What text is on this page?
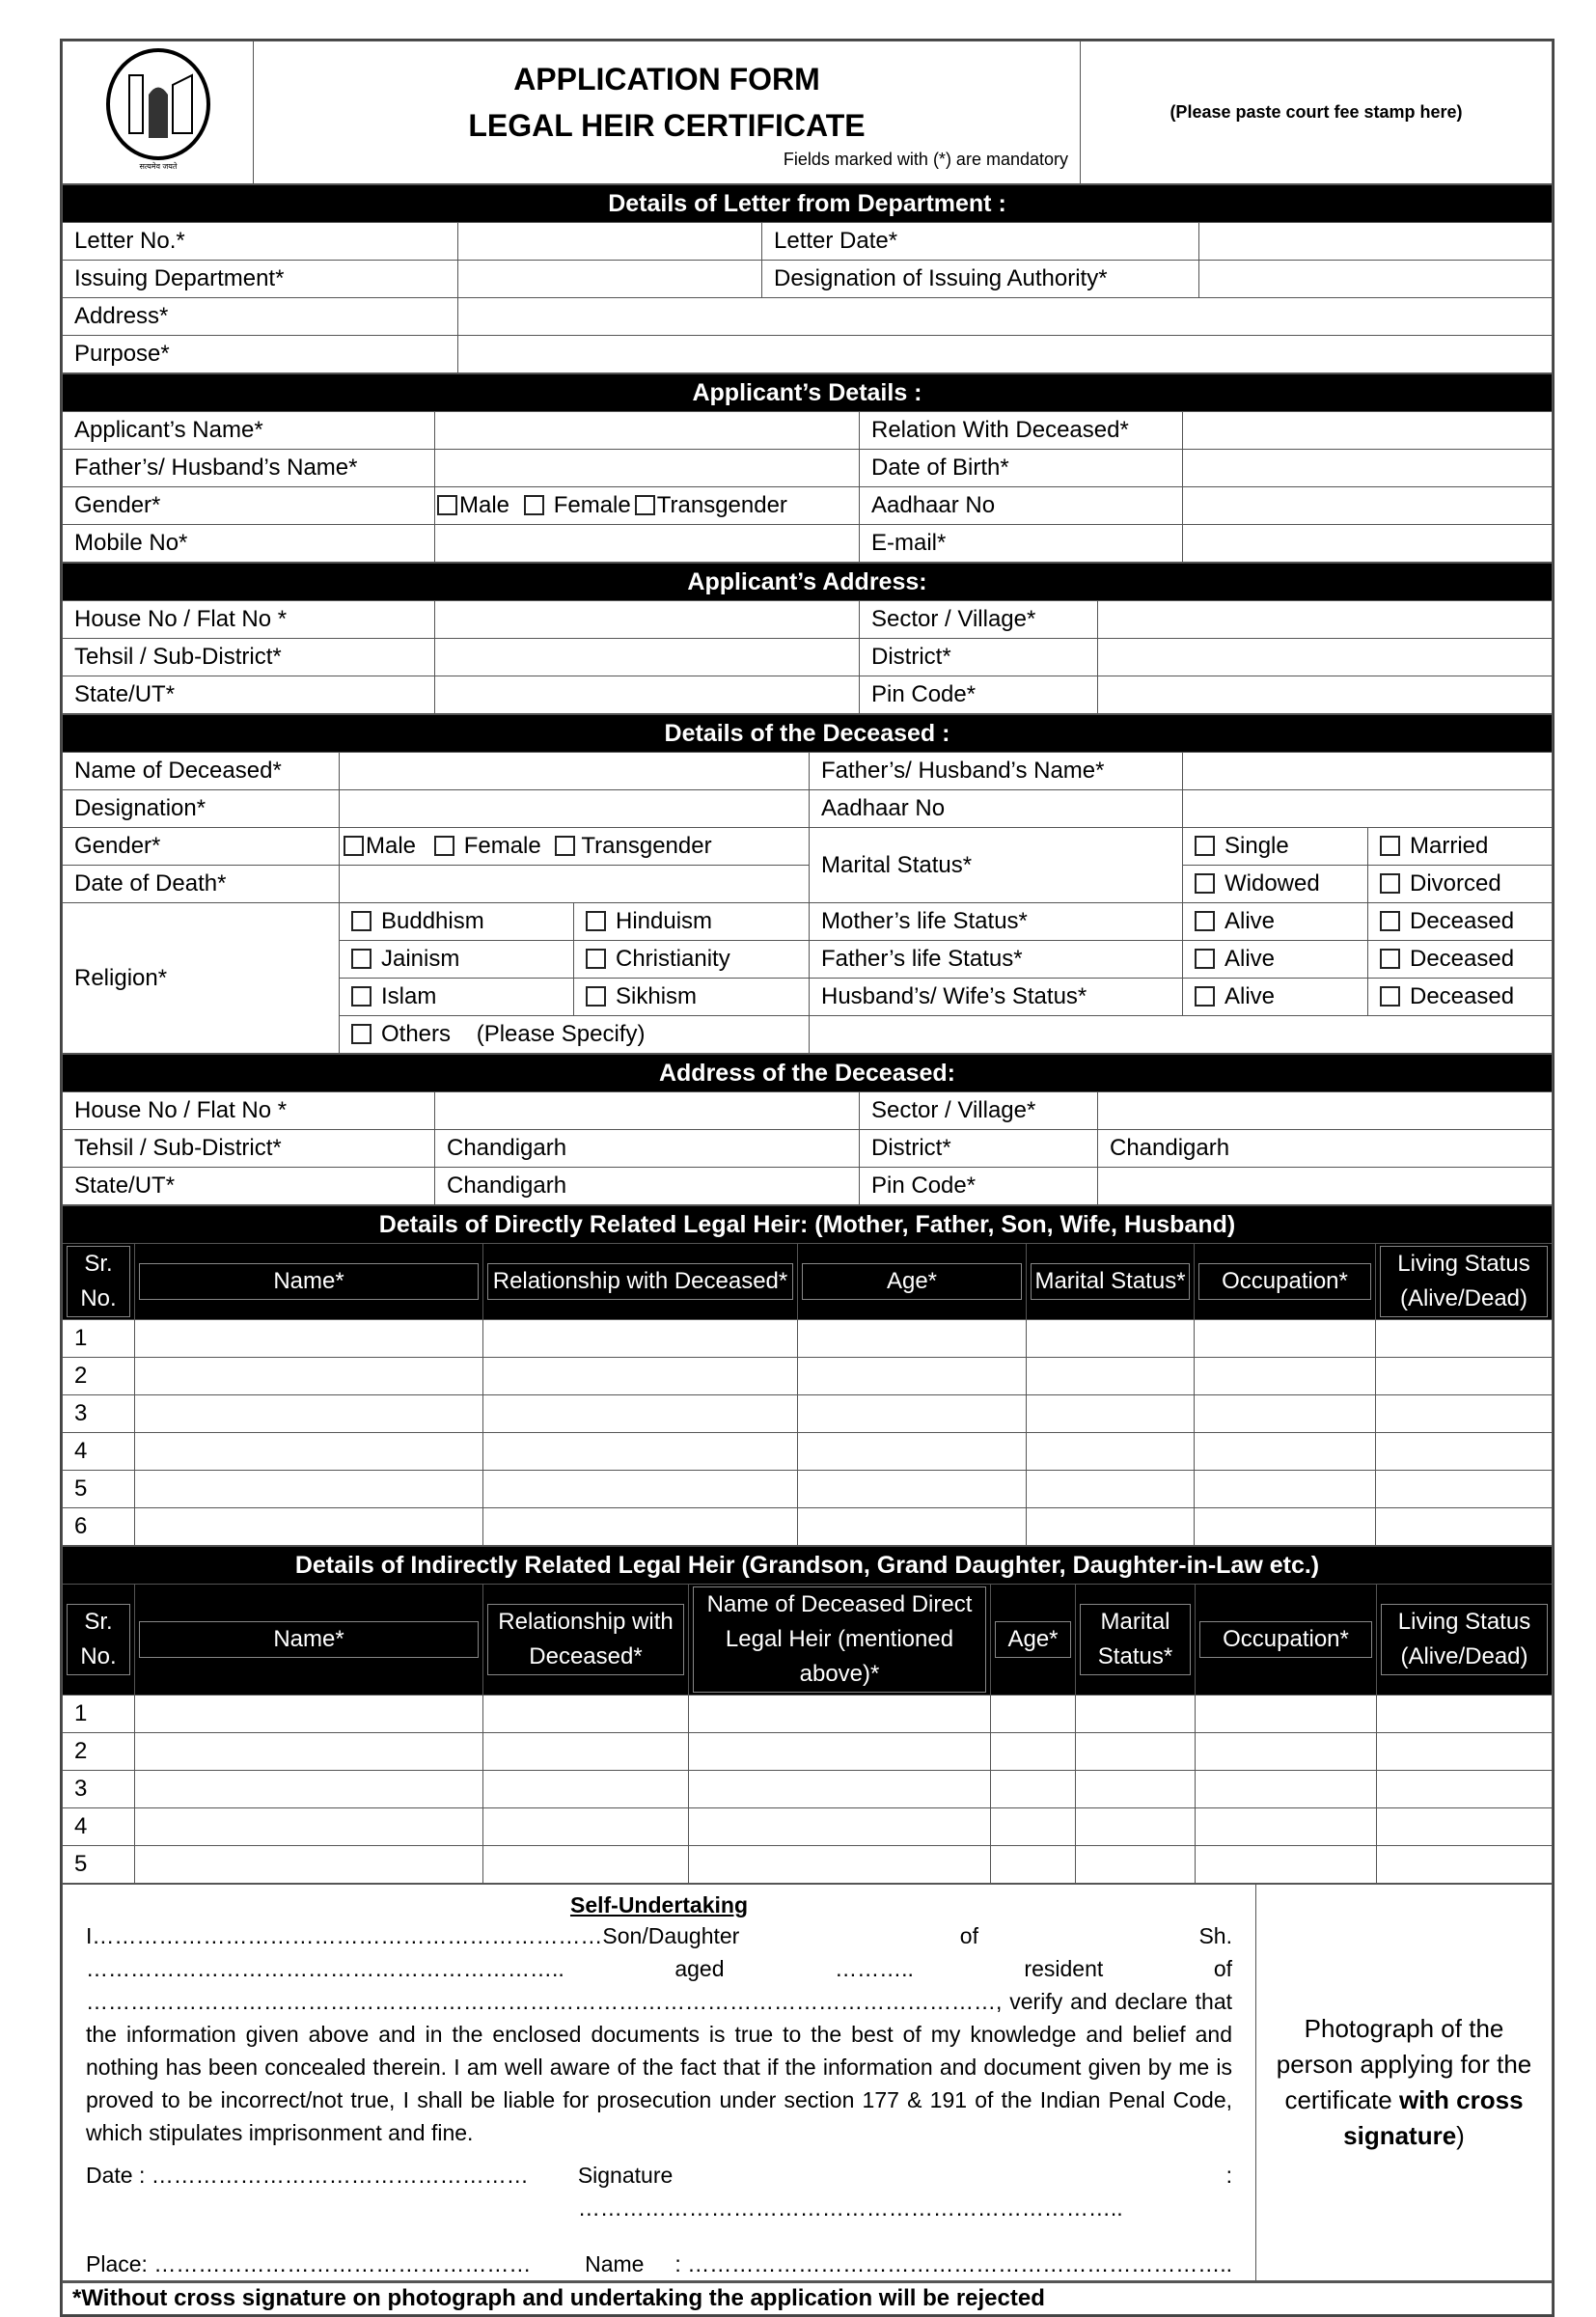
सत्यमेव जयते

APPLICATION FORM
LEGAL HEIR CERTIFICATE
Fields marked with (*) are mandatory
	(Please paste court fee stamp here)
Details of Letter from Department :			
Letter No.*		Letter Date*	
Issuing Department*		Designation of Issuing Authority*	
Address*			
Purpose*			
Applicant’s Details :			
Applicant’s Name*		Relation With Deceased*	
Father’s/ Husband’s Name*		Date of Birth*	
Gender*	Male Female Transgender	Aadhaar No	
Mobile No*		E-mail*	
Applicant’s Address:			
House No / Flat No *		Sector / Village*	
Tehsil / Sub-District*		District*	
State/UT*		Pin Code*	
Details of the Deceased :					
Name of Deceased*			Father’s/ Husband’s Name*		
Designation*			Aadhaar No		
Gender*	Male Female Transgender		Marital Status*	Single	Married
Date of Death*				Widowed	Divorced
Religion*	Buddhism	Hinduism	Mother’s life Status*	Alive	Deceased
	Jainism	Christianity	Father’s life Status*	Alive	Deceased
	Islam	Sikhism	Husband’s/ Wife’s Status*	Alive	Deceased
	Others (Please Specify)				
Address of the Deceased:			
House No / Flat No *		Sector / Village*	
Tehsil / Sub-District*	Chandigarh	District*	Chandigarh
State/UT*	Chandigarh	Pin Code*	
Details of Directly Related Legal Heir: (Mother, Father, Son, Wife, Husband)						

Sr. No.	Name*	Relationship with Deceased*	Age*	Marital Status*	Occupation*	Living Status (Alive/Dead)

1						
2						
3						
4						
5						
6						
Details of Indirectly Related Legal Heir (Grandson, Grand Daughter, Daughter-in-Law etc.)							

Sr. No.	Name*	Relationship with Deceased*	Name of Deceased Direct Legal Heir (mentioned above)*	Age*	Marital Status*	Occupation*	Living Status (Alive/Dead)

1							
2							
3							
4							
5							
Self-Undertaking
I……………………………………………………………Son/Daughter of Sh. ……………………………………………………….. aged ……….. resident of ……………………………………………………………………………………………………………, verify and declare that the information given above and in the enclosed documents is true to the best of my knowledge and belief and nothing has been concealed therein. I am well aware of the fact that if the information and document given by me is proved to be incorrect/not true, I shall be liable for prosecution under section 177 & 191 of the Indian Penal Code, which stipulates imprisonment and fine.
Date : ……………………………………………	Signature : ………………………………………………………………..
Place: ……………………………………………	Name     : ………………………………………………………………..
	Photograph of the person applying for the certificate with cross signature)
*Without cross signature on photograph and undertaking the application will be rejected
